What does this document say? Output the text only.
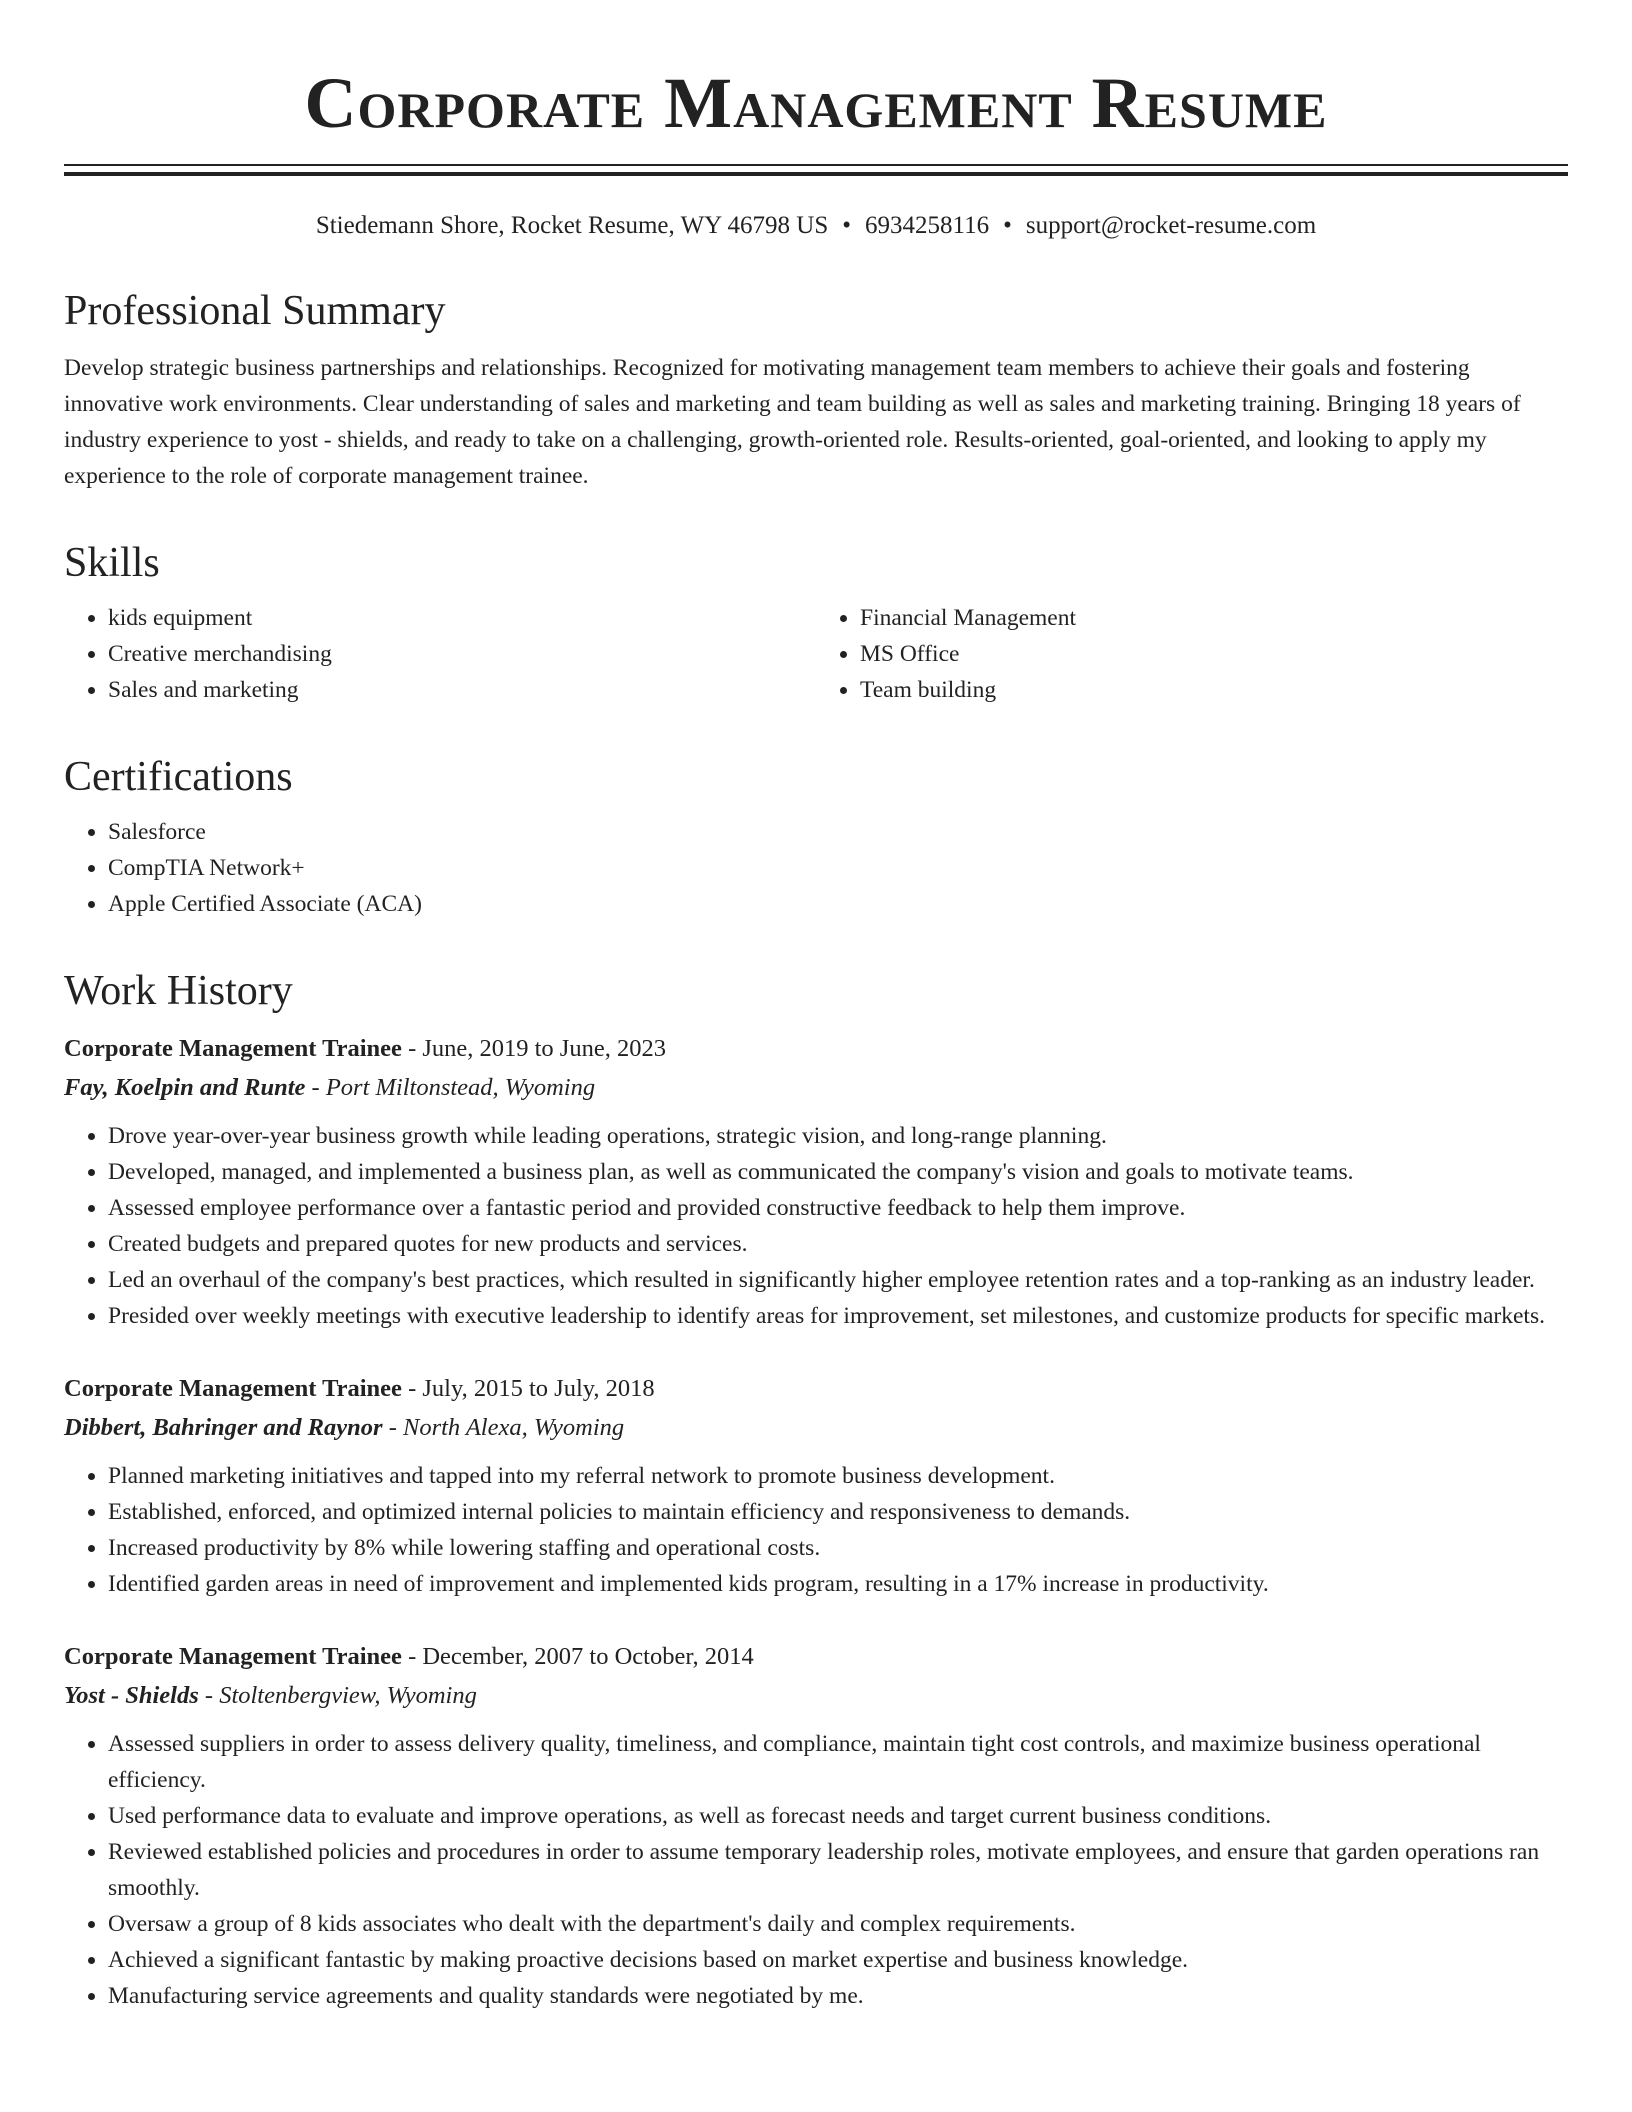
Corporate Management Resume
Stiedemann Shore, Rocket Resume, WY 46798 US • 6934258116 • support@rocket-resume.com
Professional Summary

Develop strategic business partnerships and relationships. Recognized for motivating management team members to achieve their goals and fostering innovative work environments. Clear understanding of sales and marketing and team building as well as sales and marketing training. Bringing 18 years of industry experience to yost - shields, and ready to take on a challenging, growth-oriented role. Results-oriented, goal-oriented, and looking to apply my experience to the role of corporate management trainee.

Skills
• kids equipment
• Creative merchandising
• Sales and marketing
• Financial Management
• MS Office
• Team building
Certifications
• Salesforce
• CompTIA Network+
• Apple Certified Associate (ACA)
Work History
Corporate Management Trainee - June, 2019 to June, 2023
Fay, Koelpin and Runte - Port Miltonstead, Wyoming
• Drove year-over-year business growth while leading operations, strategic vision, and long-range planning.
• Developed, managed, and implemented a business plan, as well as communicated the company's vision and goals to motivate teams.
• Assessed employee performance over a fantastic period and provided constructive feedback to help them improve.
• Created budgets and prepared quotes for new products and services.
• Led an overhaul of the company's best practices, which resulted in significantly higher employee retention rates and a top-ranking as an industry leader.
• Presided over weekly meetings with executive leadership to identify areas for improvement, set milestones, and customize products for specific markets.
Corporate Management Trainee - July, 2015 to July, 2018
Dibbert, Bahringer and Raynor - North Alexa, Wyoming
• Planned marketing initiatives and tapped into my referral network to promote business development.
• Established, enforced, and optimized internal policies to maintain efficiency and responsiveness to demands.
• Increased productivity by 8% while lowering staffing and operational costs.
• Identified garden areas in need of improvement and implemented kids program, resulting in a 17% increase in productivity.
Corporate Management Trainee - December, 2007 to October, 2014
Yost - Shields - Stoltenbergview, Wyoming
• Assessed suppliers in order to assess delivery quality, timeliness, and compliance, maintain tight cost controls, and maximize business operational efficiency.
• Used performance data to evaluate and improve operations, as well as forecast needs and target current business conditions.
• Reviewed established policies and procedures in order to assume temporary leadership roles, motivate employees, and ensure that garden operations ran smoothly.
• Oversaw a group of 8 kids associates who dealt with the department's daily and complex requirements.
• Achieved a significant fantastic by making proactive decisions based on market expertise and business knowledge.
• Manufacturing service agreements and quality standards were negotiated by me.
